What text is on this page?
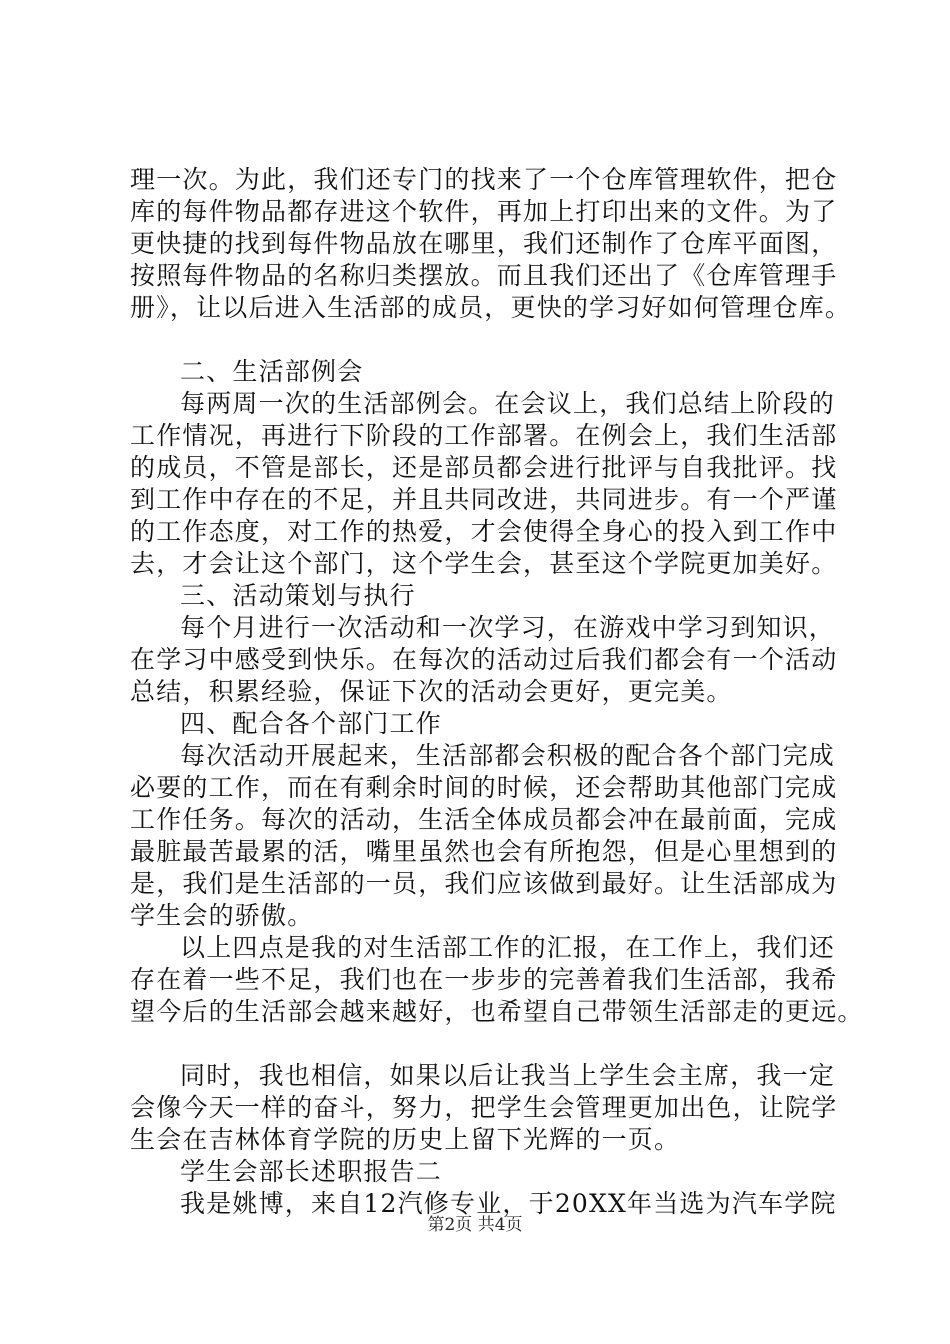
理一次。为此，我们还专门的找来了一个仓库管理软件，把仓
库的每件物品都存进这个软件，再加上打印出来的文件。为了
更快捷的找到每件物品放在哪里，我们还制作了仓库平面图，
按照每件物品的名称归类摆放。而且我们还出了《仓库管理手
册》，让以后进入生活部的成员，更快的学习好如何管理仓库。
二、生活部例会
每两周一次的生活部例会。在会议上，我们总结上阶段的
工作情况，再进行下阶段的工作部署。在例会上，我们生活部
的成员，不管是部长，还是部员都会进行批评与自我批评。找
到工作中存在的不足，并且共同改进，共同进步。有一个严谨
的工作态度，对工作的热爱，才会使得全身心的投入到工作中
去，才会让这个部门，这个学生会，甚至这个学院更加美好。
三、活动策划与执行
每个月进行一次活动和一次学习，在游戏中学习到知识，
在学习中感受到快乐。在每次的活动过后我们都会有一个活动
总结，积累经验，保证下次的活动会更好，更完美。
四、配合各个部门工作
每次活动开展起来，生活部都会积极的配合各个部门完成
必要的工作，而在有剩余时间的时候，还会帮助其他部门完成
工作任务。每次的活动，生活全体成员都会冲在最前面，完成
最脏最苦最累的活，嘴里虽然也会有所抱怨，但是心里想到的
是，我们是生活部的一员，我们应该做到最好。让生活部成为
学生会的骄傲。
以上四点是我的对生活部工作的汇报，在工作上，我们还
存在着一些不足，我们也在一步步的完善着我们生活部，我希
望今后的生活部会越来越好，也希望自己带领生活部走的更远。
同时，我也相信，如果以后让我当上学生会主席，我一定
会像今天一样的奋斗，努力，把学生会管理更加出色，让院学
生会在吉林体育学院的历史上留下光辉的一页。
学生会部长述职报告二
我是姚博，来自12汽修专业，于20XX年当选为汽车学院
第2页 共4页
